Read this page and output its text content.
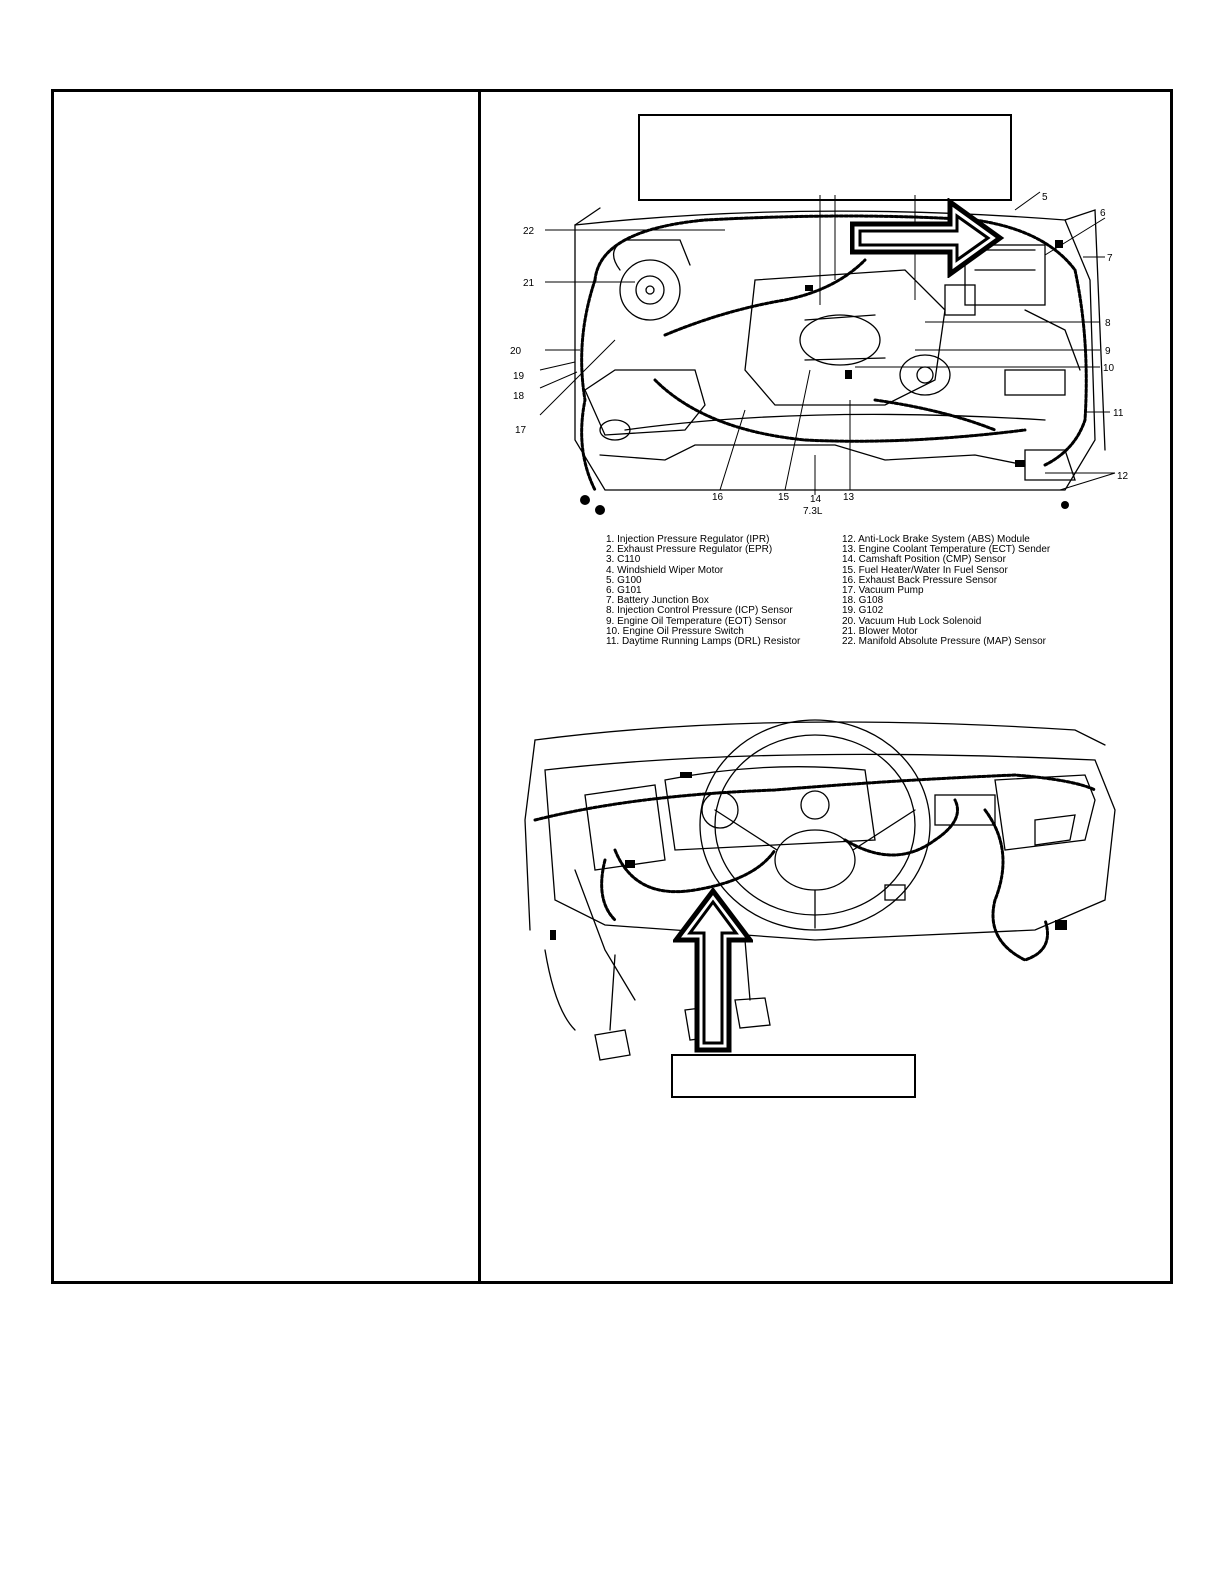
22
21
20
19
18
17
16	15 14
7.3L
13
12
11
10
9
8
7
6
5
1. Injection Pressure Regulator (IPR)
2. Exhaust Pressure Regulator (EPR)
3. C110
4. Windshield Wiper Motor
5. G100
6. G101
7. Battery Junction Box
8. Injection Control Pressure (ICP) Sensor
9. Engine Oil Temperature (EOT) Sensor
10. Engine Oil Pressure Switch
11. Daytime Running Lamps (DRL) Resistor
12. Anti-Lock Brake System (ABS) Module
13. Engine Coolant Temperature (ECT) Sender
14. Camshaft Position (CMP) Sensor
15. Fuel Heater/Water In Fuel Sensor
16. Exhaust Back Pressure Sensor
17. Vacuum Pump
18. G108
19. G102
20. Vacuum Hub Lock Solenoid
21. Blower Motor
22. Manifold Absolute Pressure (MAP) Sensor
